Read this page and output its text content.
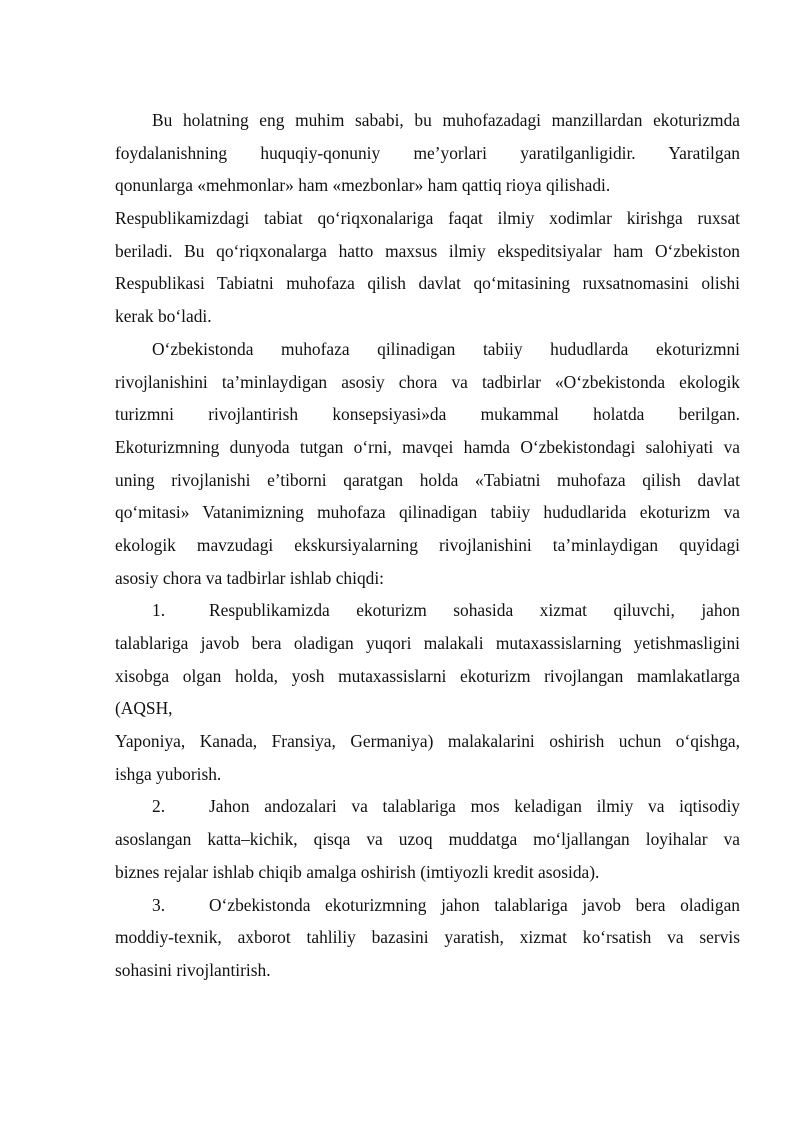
Bu holatning eng muhim sababi, bu muhofazadagi manzillardan ekoturizmda
foydalanishning huquqiy-qonuniy me’yorlari yaratilganligidir. Yaratilgan
qonunlarga «mehmonlar» ham «mezbonlar» ham qattiq rioya qilishadi.
Respublikamizdagi tabiat qo‘riqxonalariga faqat ilmiy xodimlar kirishga ruxsat
beriladi. Bu qo‘riqxonalarga hatto maxsus ilmiy ekspeditsiyalar ham O‘zbekiston
Respublikasi Tabiatni muhofaza qilish davlat qo‘mitasining ruxsatnomasini olishi
kerak bo‘ladi.
O‘zbekistonda muhofaza qilinadigan tabiiy hududlarda ekoturizmni
rivojlanishini ta’minlaydigan asosiy chora va tadbirlar «O‘zbekistonda ekologik
turizmni rivojlantirish konsepsiyasi»da mukammal holatda berilgan.
Ekoturizmning dunyoda tutgan o‘rni, mavqei hamda O‘zbekistondagi salohiyati va
uning rivojlanishi e’tiborni qaratgan holda «Tabiatni muhofaza qilish davlat
qo‘mitasi» Vatanimizning muhofaza qilinadigan tabiiy hududlarida ekoturizm va
ekologik mavzudagi ekskursiyalarning rivojlanishini ta’minlaydigan quyidagi
asosiy chora va tadbirlar ishlab chiqdi:
1.	Respublikamizda ekoturizm sohasida xizmat qiluvchi, jahon
talablariga javob bera oladigan yuqori malakali mutaxassislarning yetishmasligini
xisobga olgan holda, yosh mutaxassislarni ekoturizm rivojlangan mamlakatlarga
(AQSH,
Yaponiya, Kanada, Fransiya, Germaniya) malakalarini oshirish uchun o‘qishga,
ishga yuborish.
2.	Jahon andozalari va talablariga mos keladigan ilmiy va iqtisodiy
asoslangan katta–kichik, qisqa va uzoq muddatga mo‘ljallangan loyihalar va
biznes rejalar ishlab chiqib amalga oshirish (imtiyozli kredit asosida).
3.	O‘zbekistonda ekoturizmning jahon talablariga javob bera oladigan
moddiy-texnik, axborot tahliliy bazasini yaratish, xizmat ko‘rsatish va servis
sohasini rivojlantirish.
